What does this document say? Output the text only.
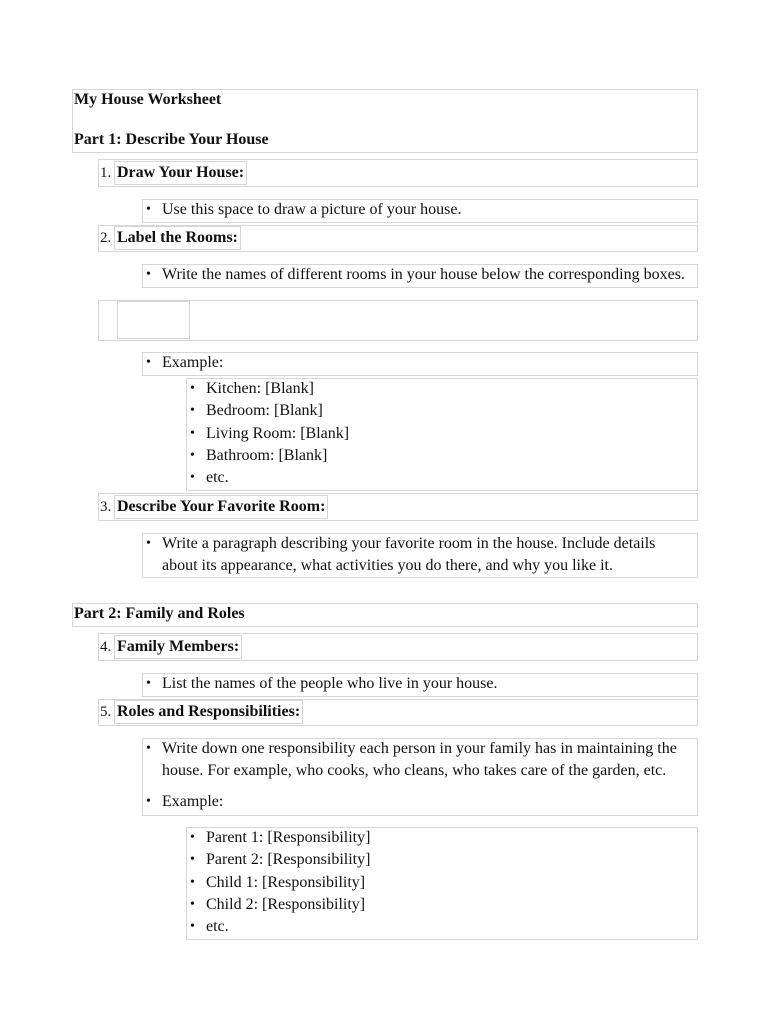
My House Worksheet
Part 1: Describe Your House
1. Draw Your House:
• Use this space to draw a picture of your house.
2. Label the Rooms:
• Write the names of different rooms in your house below the corresponding boxes.
• Example:
• Kitchen: [Blank]
• Bedroom: [Blank]
• Living Room: [Blank]
• Bathroom: [Blank]
• etc.
3. Describe Your Favorite Room:
• Write a paragraph describing your favorite room in the house. Include details about its appearance, what activities you do there, and why you like it.
Part 2: Family and Roles
4. Family Members:
• List the names of the people who live in your house.
5. Roles and Responsibilities:
• Write down one responsibility each person in your family has in maintaining the house. For example, who cooks, who cleans, who takes care of the garden, etc.
• Example:
• Parent 1: [Responsibility]
• Parent 2: [Responsibility]
• Child 1: [Responsibility]
• Child 2: [Responsibility]
• etc.
